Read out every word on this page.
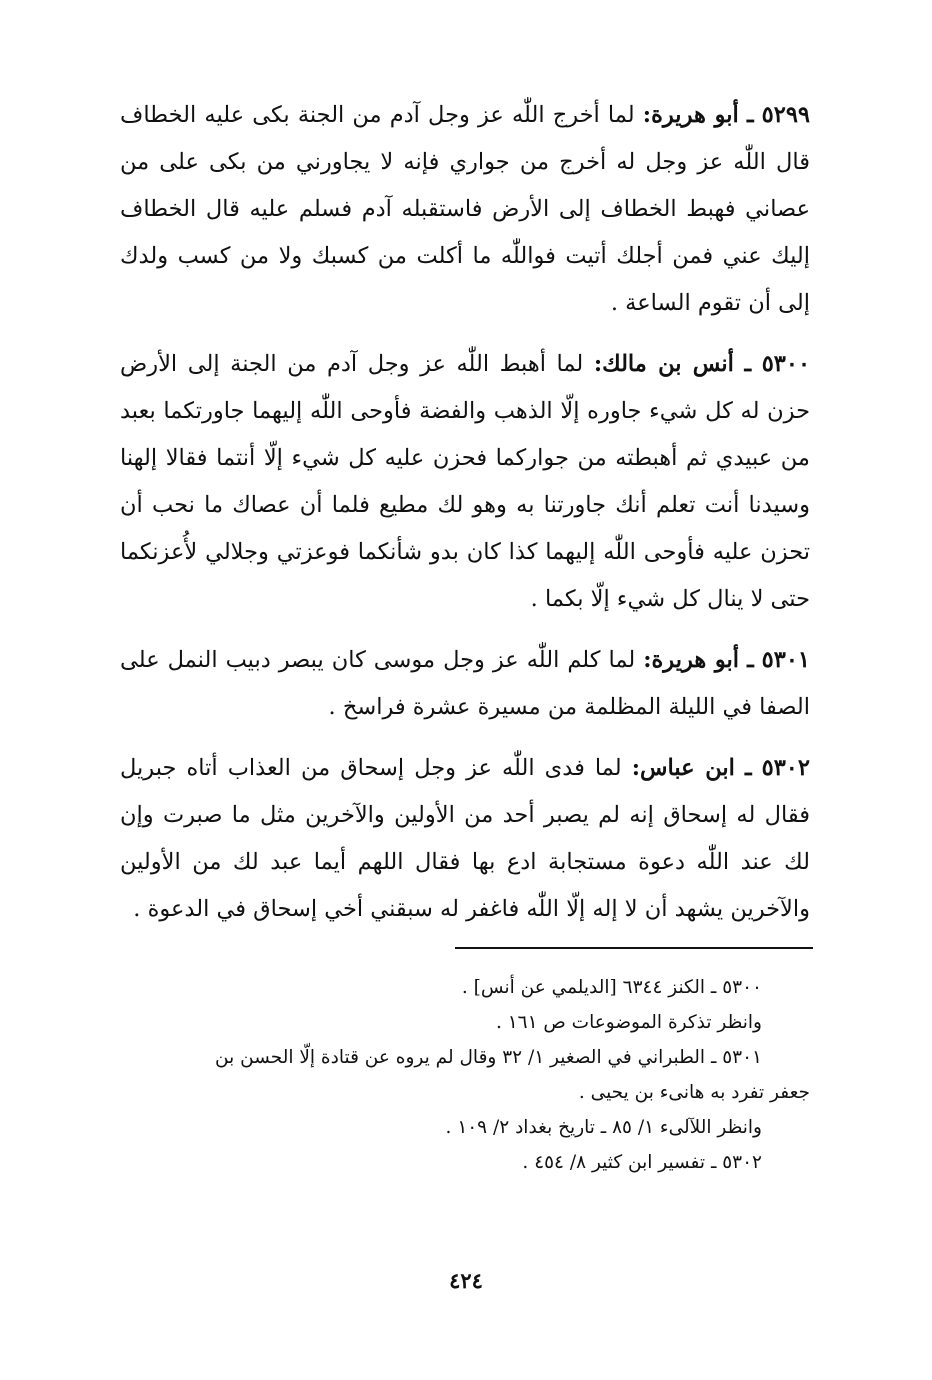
٥٢٩٩ ـ أبو هريرة: لما أخرج اللّٰه عز وجل آدم من الجنة بكى عليه الخطاف قال اللّٰه عز وجل له أخرج من جواري فإنه لا يجاورني من بكى على من عصاني فهبط الخطاف إلى الأرض فاستقبله آدم فسلم عليه قال الخطاف إليك عني فمن أجلك أتيت فواللّٰه ما أكلت من كسبك ولا من كسب ولدك إلى أن تقوم الساعة .

٥٣٠٠ ـ أنس بن مالك: لما أهبط اللّٰه عز وجل آدم من الجنة إلى الأرض حزن له كل شيء جاوره إلّا الذهب والفضة فأوحى اللّٰه إليهما جاورتكما بعبد من عبيدي ثم أهبطته من جواركما فحزن عليه كل شيء إلّا أنتما فقالا إلهنا وسيدنا أنت تعلم أنك جاورتنا به وهو لك مطيع فلما أن عصاك ما نحب أن تحزن عليه فأوحى اللّٰه إليهما كذا كان بدو شأنكما فوعزتي وجلالي لأُعزنكما حتى لا ينال كل شيء إلّا بكما .

٥٣٠١ ـ أبو هريرة: لما كلم اللّٰه عز وجل موسى كان يبصر دبيب النمل على الصفا في الليلة المظلمة من مسيرة عشرة فراسخ .

٥٣٠٢ ـ ابن عباس: لما فدى اللّٰه عز وجل إسحاق من العذاب أتاه جبريل فقال له إسحاق إنه لم يصبر أحد من الأولين والآخرين مثل ما صبرت وإن لك عند اللّٰه دعوة مستجابة ادع بها فقال اللهم أيما عبد لك من الأولين والآخرين يشهد أن لا إله إلّا اللّٰه فاغفر له سبقني أخي إسحاق في الدعوة .

٥٣٠٠ ـ الكنز ٦٣٤٤ [الديلمي عن أنس] .
وانظر تذكرة الموضوعات ص ١٦١ .
٥٣٠١ ـ الطبراني في الصغير ١/ ٣٢ وقال لم يروه عن قتادة إلّا الحسن بن
جعفر تفرد به هانىء بن يحيى .
وانظر اللآلىء ١/ ٨٥ ـ تاريخ بغداد ٢/ ١٠٩ .
٥٣٠٢ ـ تفسير ابن كثير ٨/ ٤٥٤ .
٤٢٤
